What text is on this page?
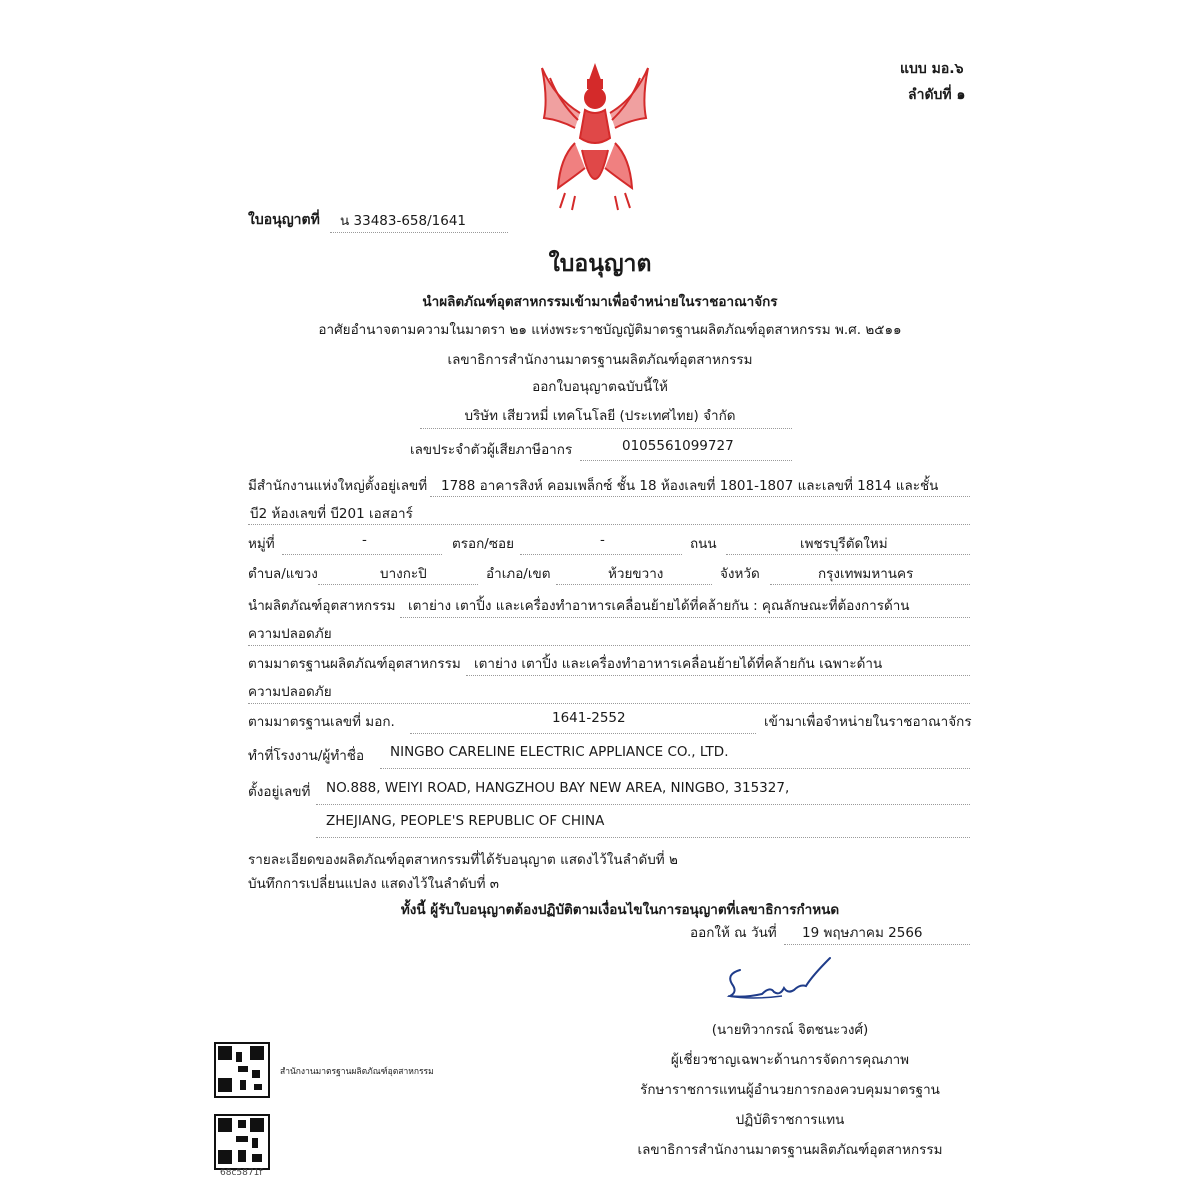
แบบ มอ.๖
ลำดับที่ ๑
ใบอนุญาตที่ น 33483-658/1641
ใบอนุญาต
นำผลิตภัณฑ์อุตสาหกรรมเข้ามาเพื่อจำหน่ายในราชอาณาจักร
อาศัยอำนาจตามความในมาตรา ๒๑ แห่งพระราชบัญญัติมาตรฐานผลิตภัณฑ์อุตสาหกรรม พ.ศ. ๒๕๑๑
เลขาธิการสำนักงานมาตรฐานผลิตภัณฑ์อุตสาหกรรม
ออกใบอนุญาตฉบับนี้ให้
บริษัท เสียวหมี่ เทคโนโลยี (ประเทศไทย) จำกัด
เลขประจำตัวผู้เสียภาษีอากร	0105561099727
มีสำนักงานแห่งใหญ่ตั้งอยู่เลขที่ 1788 อาคารสิงห์ คอมเพล็กซ์ ชั้น 18 ห้องเลขที่ 1801-1807 และเลขที่ 1814 และชั้น
บี2 ห้องเลขที่ บี201 เอสอาร์
หมู่ที่	-	ตรอก/ซอย	-	ถนน	เพชรบุรีตัดใหม่
ตำบล/แขวง	บางกะปิ	อำเภอ/เขต	ห้วยขวาง	จังหวัด	กรุงเทพมหานคร
นำผลิตภัณฑ์อุตสาหกรรม เตาย่าง เตาปิ้ง และเครื่องทำอาหารเคลื่อนย้ายได้ที่คล้ายกัน : คุณลักษณะที่ต้องการด้าน
ความปลอดภัย
ตามมาตรฐานผลิตภัณฑ์อุตสาหกรรม เตาย่าง เตาปิ้ง และเครื่องทำอาหารเคลื่อนย้ายได้ที่คล้ายกัน เฉพาะด้าน
ความปลอดภัย
ตามมาตรฐานเลขที่ มอก.	1641-2552	เข้ามาเพื่อจำหน่ายในราชอาณาจักร
ทำที่โรงงาน/ผู้ทำชื่อ NINGBO CARELINE ELECTRIC APPLIANCE CO., LTD.
ตั้งอยู่เลขที่ NO.888, WEIYI ROAD, HANGZHOU BAY NEW AREA, NINGBO, 315327,
ZHEJIANG, PEOPLE'S REPUBLIC OF CHINA
รายละเอียดของผลิตภัณฑ์อุตสาหกรรมที่ได้รับอนุญาต แสดงไว้ในลำดับที่ ๒
บันทึกการเปลี่ยนแปลง แสดงไว้ในลำดับที่ ๓
ทั้งนี้ ผู้รับใบอนุญาตต้องปฏิบัติตามเงื่อนไขในการอนุญาตที่เลขาธิการกำหนด
ออกให้ ณ วันที่ 19 พฤษภาคม 2566
(นายทิวากรณ์ จิตชนะวงศ์)
ผู้เชี่ยวชาญเฉพาะด้านการจัดการคุณภาพ
รักษาราชการแทนผู้อำนวยการกองควบคุมมาตรฐาน
ปฏิบัติราชการแทน
เลขาธิการสำนักงานมาตรฐานผลิตภัณฑ์อุตสาหกรรม
สำนักงานมาตรฐานผลิตภัณฑ์อุตสาหกรรม
68c5871f
